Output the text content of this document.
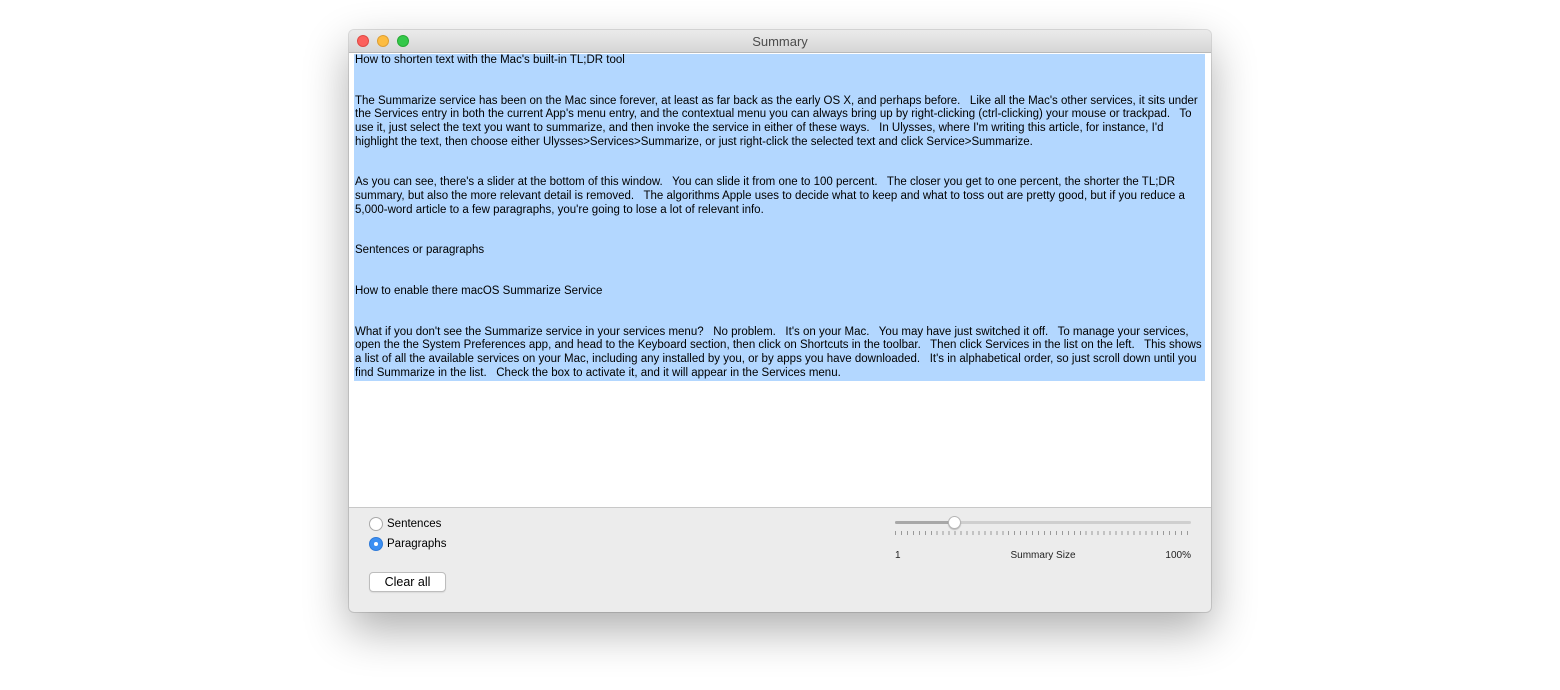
Summary

How to shorten text with the Mac's built-in TL;DR tool

The Summarize service has been on the Mac since forever, at least as far back as the early OS X, and perhaps before.   Like all the Mac's other services, it sits under the Services entry in both the current App's menu entry, and the contextual menu you can always bring up by right-clicking (ctrl-clicking) your mouse or trackpad.   To use it, just select the text you want to summarize, and then invoke the service in either of these ways.   In Ulysses, where I'm writing this article, for instance, I'd highlight the text, then choose either Ulysses>Services>Summarize, or just right-click the selected text and click Service>Summarize.

As you can see, there's a slider at the bottom of this window.   You can slide it from one to 100 percent.   The closer you get to one percent, the shorter the TL;DR summary, but also the more relevant detail is removed.   The algorithms Apple uses to decide what to keep and what to toss out are pretty good, but if you reduce a 5,000-word article to a few paragraphs, you're going to lose a lot of relevant info.

Sentences or paragraphs

How to enable there macOS Summarize Service

What if you don't see the Summarize service in your services menu?   No problem.   It's on your Mac.   You may have just switched it off.   To manage your services, open the the System Preferences app, and head to the Keyboard section, then click on Shortcuts in the toolbar.   Then click Services in the list on the left.   This shows a list of all the available services on your Mac, including any installed by you, or by apps you have downloaded.   It's in alphabetical order, so just scroll down until you find Summarize in the list.   Check the box to activate it, and it will appear in the Services menu.

Sentences
Paragraphs
Clear all
1	Summary Size	100%
